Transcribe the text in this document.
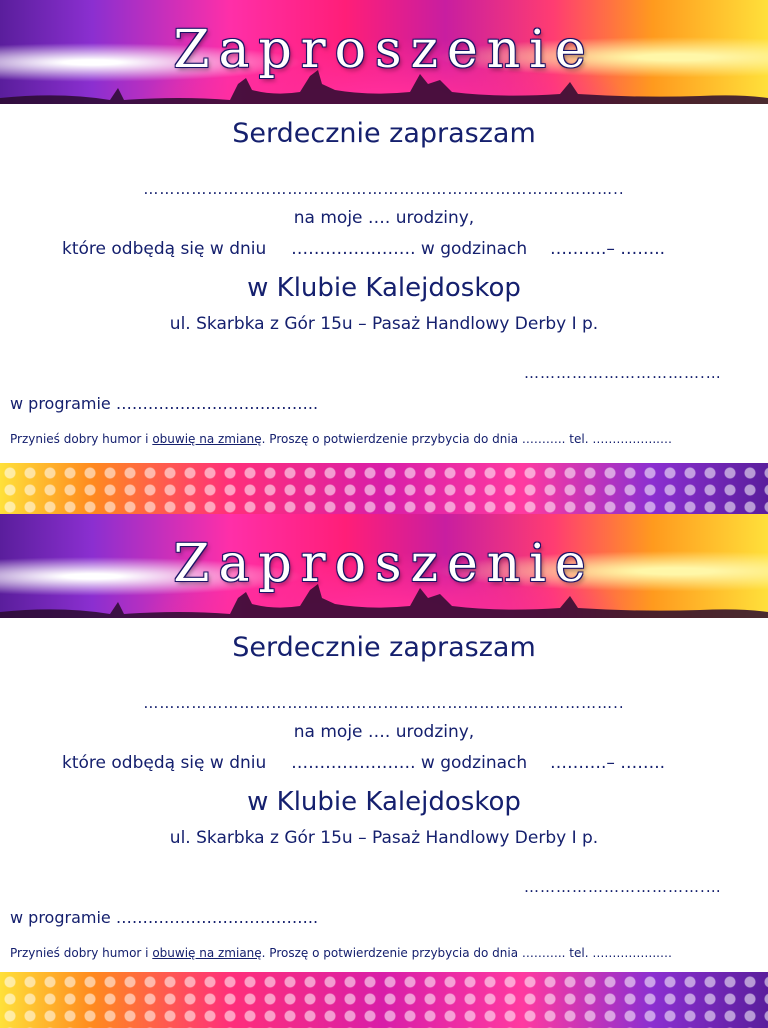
Zaproszenie
Serdecznie zapraszam
…………………………………………………………………….………..
na moje …. urodziny,
które odbędą się w dniu …………………. w godzinach ……….– ……..
w Klubie Kalejdoskop
ul. Skarbka z Gór 15u – Pasaż Handlowy Derby I p.
…………………………….…
w programie ………………………………..
Przynieś dobry humor i obuwię na zmianę. Proszę o potwierdzenie przybycia do dnia ……….. tel. ……………..…
Zaproszenie
Serdecznie zapraszam
…………………………………………………………………….………..
na moje …. urodziny,
które odbędą się w dniu …………………. w godzinach ……….– ……..
w Klubie Kalejdoskop
ul. Skarbka z Gór 15u – Pasaż Handlowy Derby I p.
…………………………….…
w programie ………………………………..
Przynieś dobry humor i obuwię na zmianę. Proszę o potwierdzenie przybycia do dnia ……….. tel. ……………..…
